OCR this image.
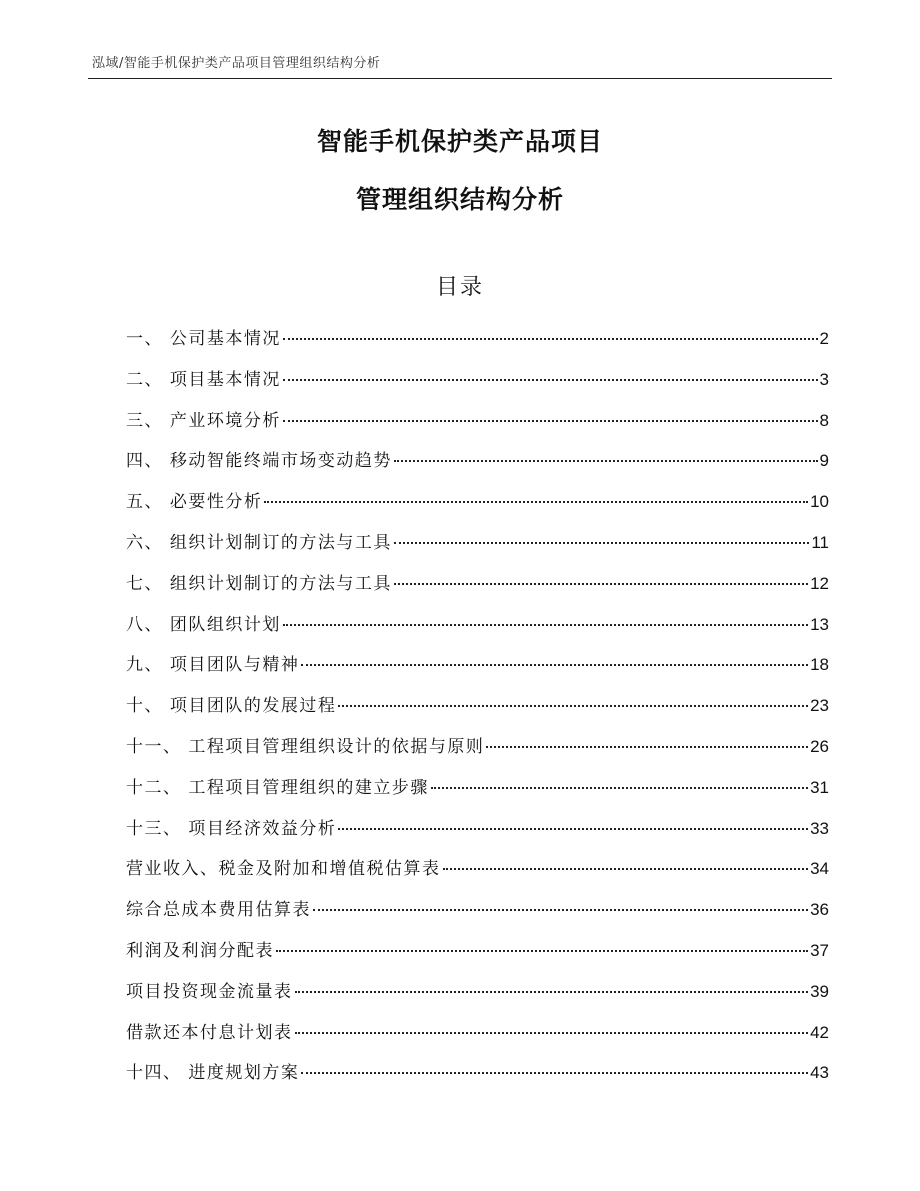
泓域/智能手机保护类产品项目管理组织结构分析
智能手机保护类产品项目
管理组织结构分析
目录
一、 公司基本情况	2
二、 项目基本情况	3
三、 产业环境分析	8
四、 移动智能终端市场变动趋势	9
五、 必要性分析	10
六、 组织计划制订的方法与工具	11
七、 组织计划制订的方法与工具	12
八、 团队组织计划	13
九、 项目团队与精神	18
十、 项目团队的发展过程	23
十一、 工程项目管理组织设计的依据与原则	26
十二、 工程项目管理组织的建立步骤	31
十三、 项目经济效益分析	33
营业收入、税金及附加和增值税估算表	34
综合总成本费用估算表	36
利润及利润分配表	37
项目投资现金流量表	39
借款还本付息计划表	42
十四、 进度规划方案	43
